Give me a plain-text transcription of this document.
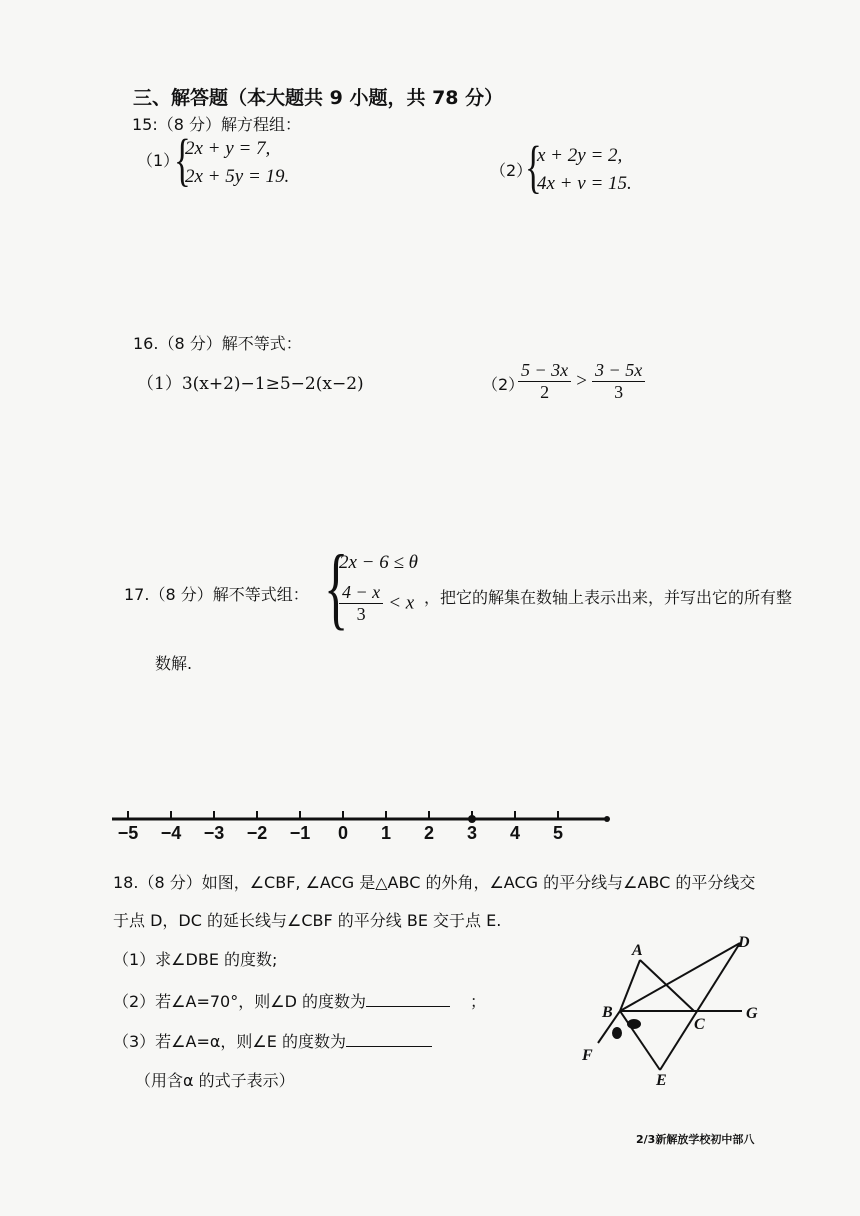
三、解答题（本大题共 9 小题，共 78 分）
15:（8 分）解方程组：
（1）
{
2x + y = 7,
2x + 5y = 19.	（2）
{
x + 2y = 2,
4x + v = 15.
16.（8 分）解不等式：
（1）3(x+2)−1≥5−2(x−2)	（2）
$\frac{5 - 3x}{2} > \frac{3 - 5x}{3}$
17.（8 分）解不等式组： {
2x − 6 ≤ θ
$\frac{4 - x}{3} < x$ ，把它的解集在数轴上表示出来，并写出它的所有整
数解.
−5 −4 −3 −2 −1	0	1	2	3	4	5
18.（8 分）如图，∠CBF, ∠ACG 是△ABC 的外角，∠ACG 的平分线与∠ABC 的平分线交
于点 D，DC 的延长线与∠CBF 的平分线 BE 交于点 E.
（1）求∠DBE 的度数;
（2）若∠A=70°，则∠D 的度数为	；
（3）若∠A=α，则∠E 的度数为
（用含α 的式子表示）
A	D
B
C
G
F
E
2/3新解放学校初中部八
